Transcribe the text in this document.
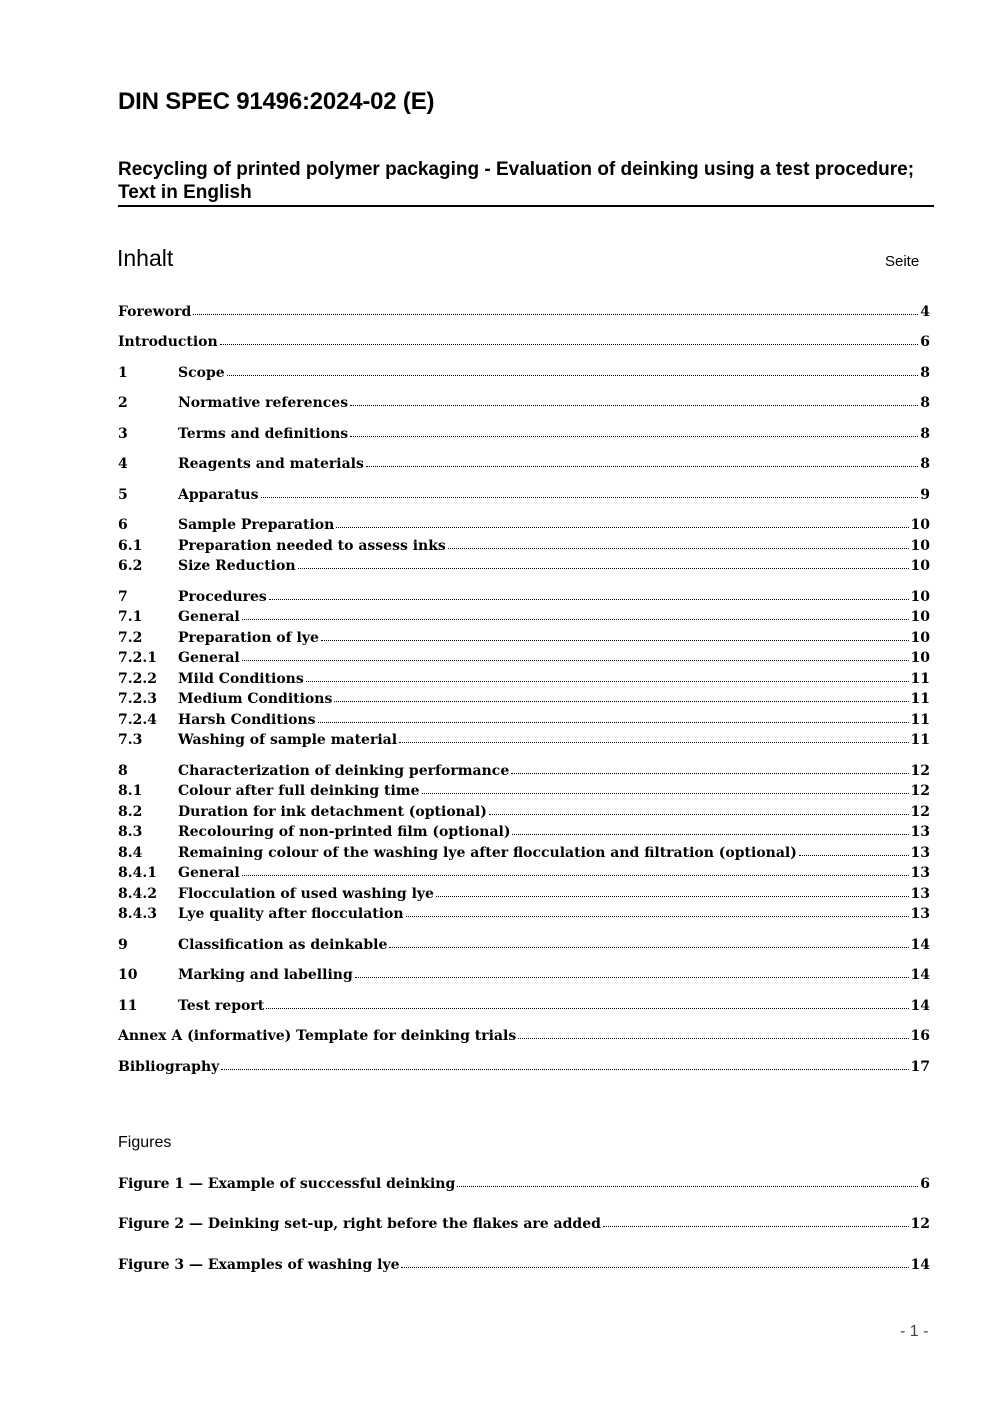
DIN SPEC 91496:2024-02 (E)
Recycling of printed polymer packaging - Evaluation of deinking using a test procedure; Text in English
Inhalt	Seite
Foreword	4
Introduction	6
1	Scope	8
2	Normative references	8
3	Terms and definitions	8
4	Reagents and materials	8
5	Apparatus	9
6	Sample Preparation	10
6.1	Preparation needed to assess inks	10
6.2	Size Reduction	10
7	Procedures	10
7.1	General	10
7.2	Preparation of lye	10
7.2.1	General	10
7.2.2	Mild Conditions	11
7.2.3	Medium Conditions	11
7.2.4	Harsh Conditions	11
7.3	Washing of sample material	11
8	Characterization of deinking performance	12
8.1	Colour after full deinking time	12
8.2	Duration for ink detachment (optional)	12
8.3	Recolouring of non-printed film (optional)	13
8.4	Remaining colour of the washing lye after flocculation and filtration (optional)	13
8.4.1	General	13
8.4.2	Flocculation of used washing lye	13
8.4.3	Lye quality after flocculation	13
9	Classification as deinkable	14
10	Marking and labelling	14
11	Test report	14
Annex A (informative) Template for deinking trials	16
Bibliography	17
Figures
Figure 1 — Example of successful deinking	6
Figure 2 — Deinking set-up, right before the flakes are added	12
Figure 3 — Examples of washing lye	14
- 1 -
